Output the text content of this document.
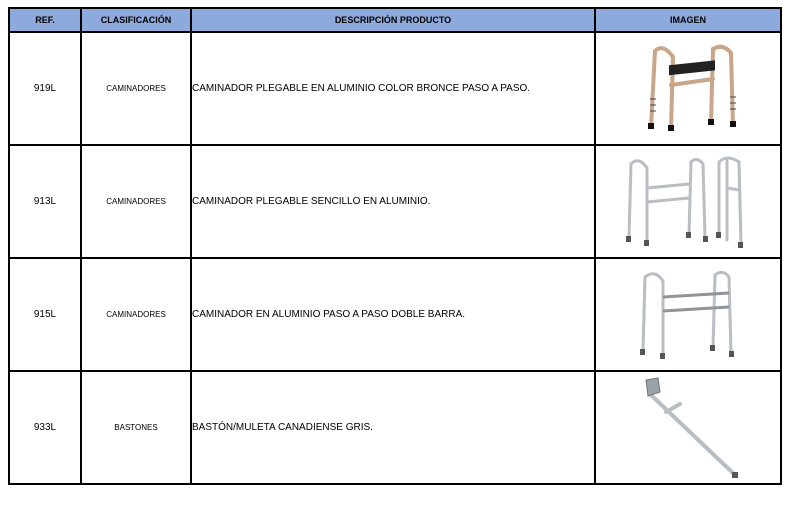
REF.	CLASIFICACIÓN	DESCRIPCIÓN PRODUCTO	IMAGEN
919L	CAMINADORES	CAMINADOR PLEGABLE EN ALUMINIO COLOR BRONCE PASO A PASO.	

913L	CAMINADORES	CAMINADOR PLEGABLE SENCILLO EN ALUMINIO.	

915L	CAMINADORES	CAMINADOR EN ALUMINIO PASO A PASO DOBLE BARRA.	

933L	BASTONES	BASTÓN/MULETA CANADIENSE GRIS.	
